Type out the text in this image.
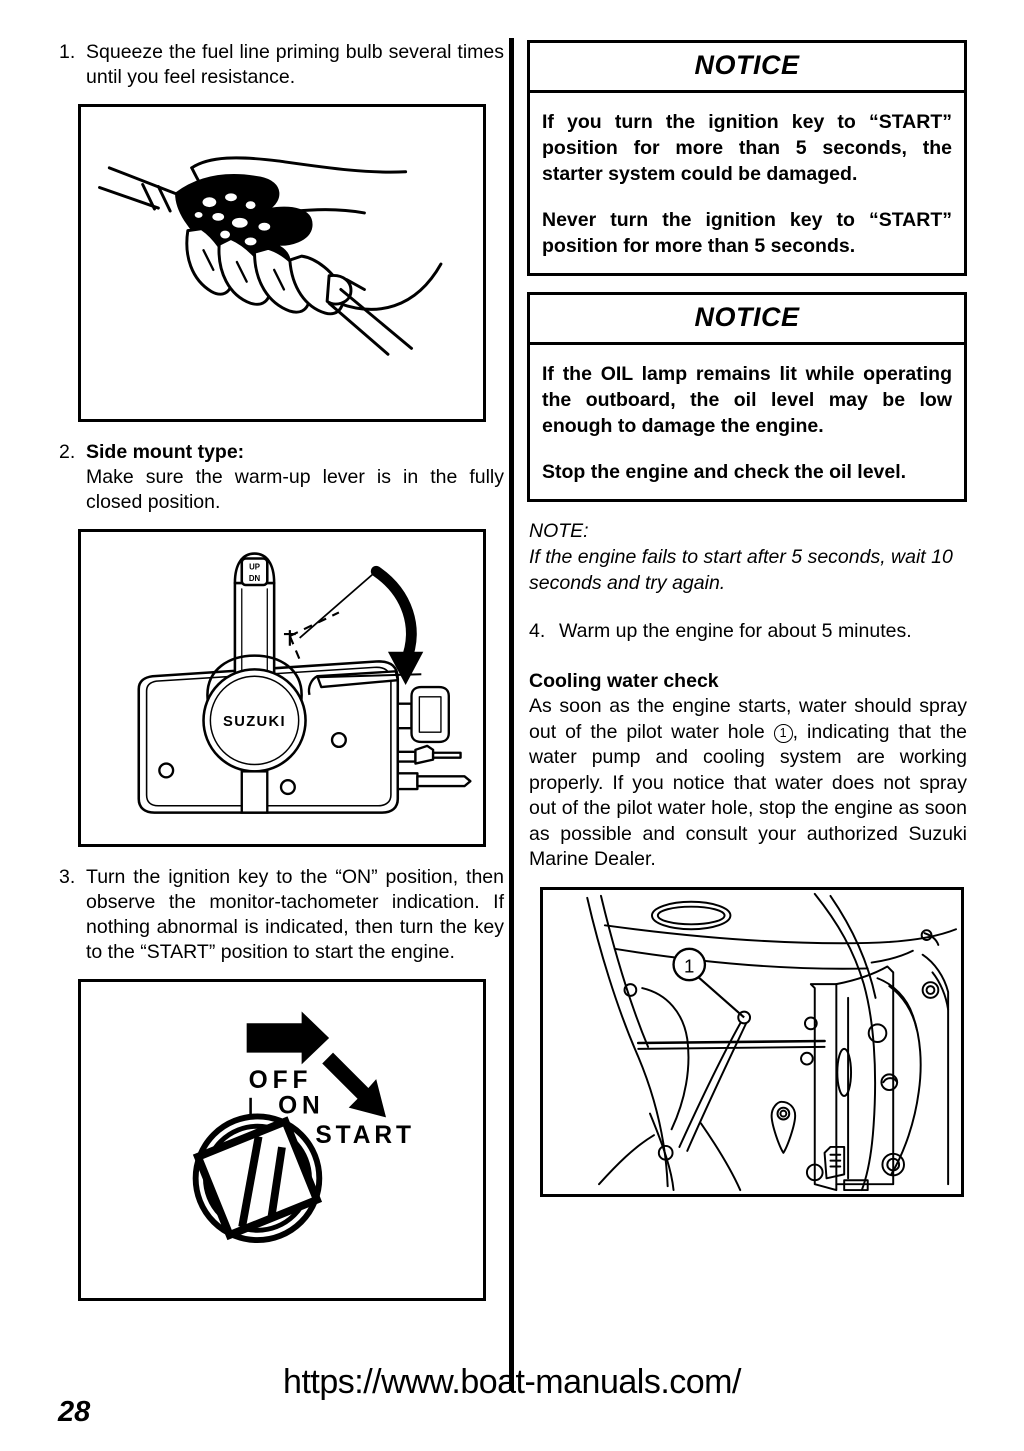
1. Squeeze the fuel line priming bulb several times until you feel resistance.
2. Side mount type:
Make sure the warm-up lever is in the fully closed position.
UP
DN
SUZUKI
3. Turn the ignition key to the “ON” position, then observe the monitor-tachometer indication. If nothing abnormal is indicated, then turn the key to the “START” position to start the engine.
OFF
ON
START
NOTICE

If you turn the ignition key to “START” position for more than 5 seconds, the starter system could be damaged.

Never turn the ignition key to “START” position for more than 5 seconds.

NOTICE

If the OIL lamp remains lit while operating the outboard, the oil level may be low enough to damage the engine.

Stop the engine and check the oil level.

NOTE:
If the engine fails to start after 5 seconds, wait 10 seconds and try again.
4. Warm up the engine for about 5 minutes.
Cooling water check
As soon as the engine starts, water should spray out of the pilot water hole 1 , indicating that the water pump and cooling system are working properly. If you notice that water does not spray out of the pilot water hole, stop the engine as soon as possible and consult your authorized Suzuki Marine Dealer.
1
28
https://www.boat-manuals.com/
